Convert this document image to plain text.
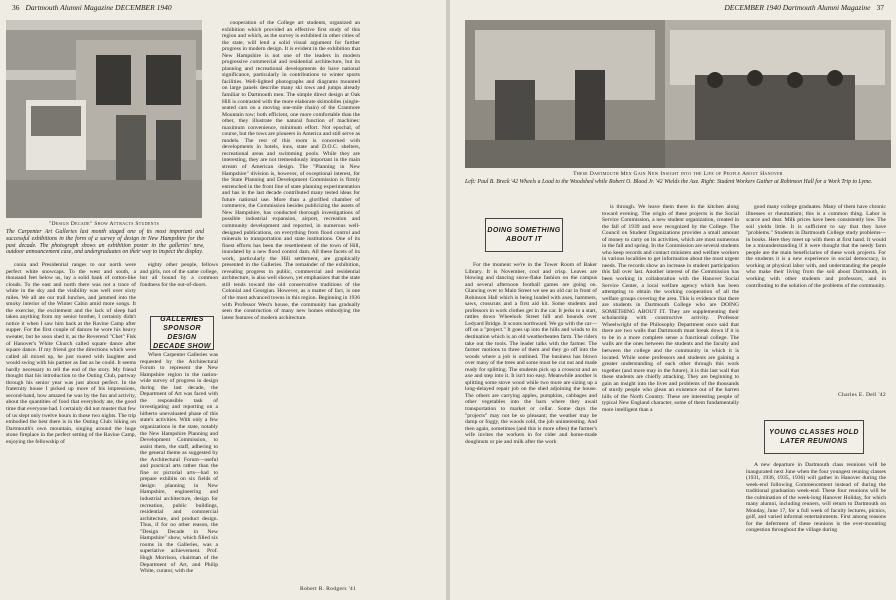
36 Dartmouth Alumni Magazine DECEMBER 1940
"Design Decade" Show Attracts Students
The Carpenter Art Galleries last month staged one of its most important and successful exhibitions in the form of a survey of design in New Hampshire for the past decade. The photograph shows an exhibition poster in the galleries' new, outdoor announcement case, and undergraduates on their way to inspect the display.

conia and Presidential ranges to our north were perfect white snowcaps. To the west and south, a thousand feet below us, lay a solid bank of cotton-like clouds. To the east and north there was not a trace of white in the sky and the visibility was well over sixty miles. We all ate our trail lunches, and jammed into the smoky interior of the Winter Cabin amid more songs. It the exercise, the excitement and the lack of sleep had taken anything from my senior brother, I certainly didn't notice it when I saw him back at the Ravine Camp after supper. For the first couple of dances he wore his heavy sweater, but he soon shed it, as the Reverend "Chet" Fisk of Hanover's White Church called square dance after square dance. If my friend got the directions which were called all mixed up, he just roared with laughter and would swing with his partner as fast as he could. It seems hardly necessary to tell the end of the story. My friend thought that his introduction to the Outing Club, partway through his senior year was just about perfect. In the fraternity house I picked up more of his impressions, second-hand, how amazed he was by the fun and activity, about the quantities of food that everybody ate, the good time that everyone had. I certainly did not muster that few of us slept only twelve hours in those two nights. The trip embodied the best there is in the Outing Club: hiking on Dartmouth's own mountain, singing around the huge stone fireplace in the perfect setting of the Ravine Camp, enjoying the fellowship of

cooperation of the College art students, organized an exhibition which provided an effective first study of this region and which, as the survey is exhibited in other cities of the state, will lend a solid visual argument for further progress in modern design. It is evident in the exhibition that New Hampshire is not one of the leaders in modern progressive commercial and residential architecture, but its planning and recreational developments do have national significance, particularly in contributions to winter sports facilities. Well-lighted photographs and diagrams mounted on large panels describe many ski tows and jumps already familiar to Dartmouth men. The simple direct design at Oak Hill is contrasted with the more elaborate skimobiles (single-seated cars on a moving one-mile chain) of the Cranmore Mountain tow; both efficient, one more comfortable than the other, they illustrate the natural function of machines: maximum convenience, minimum effort. Not epochal, of course, but the tows are pioneers in America and still serve as models. The rest of this room is concerned with developments in hotels, inns, state and D.O.C. shelters, recreational areas and swimming pools. While they are interesting, they are not tremendously important in the main stream of American design. The "Planning in New Hampshire" division is, however, of exceptional interest, for the State Planning and Development Commission is firmly entrenched in the front line of state planning experimentation and has in the last decade contributed many tested ideas for future national use. More than a glorified chamber of commerce, the Commission besides publicizing the assets of New Hampshire, has conducted thorough investigations of possible industrial expansion, airport, recreation and community development and reported, in numerous well-designed publications, on everything from flood control and minerals to transportation and state institutions. One of its finest efforts has been the resettlement of the town of Hill, inundated by a new flood control dam. All these facets of its work, particularly the Hill settlement, are graphically presented in the Galleries. The remainder of the exhibition, revealing progress in public, commercial and residential architecture, is also well shown, yet emphasizes that the state still tends toward the old conservative traditions of the Colonial and Georgian. However, as a matter of fact, is one of the most advanced towns in this region. Beginning in 1936 with Professor West's house, the community has gradually seen the construction of many new homes embodying the latest features of modern architecture.

eighty other people, fellows and girls, not of the same college, but all bound by a common fondness for the out-of-doors.

GALLERIES SPONSOR DESIGN DECADE SHOW

When Carpenter Galleries was requested by the Architectural Forum to represent the New Hampshire region in the nation-wide survey of progress in design during the last decade, the Department of Art was faced with the responsible task of investigating and reporting on a hitherto unevaluated phase of this state's activities. With only a few organizations in the state, notably the New Hampshire Planning and Development Commission, to assist them, the staff, adhering to the general theme as suggested by the Architectural Forum—useful and practical arts rather than the fine or pictorial arts—had to prepare exhibits on six fields of design: planning in New Hampshire, engineering and industrial architecture, design for recreation, public buildings, residential and commercial architecture, and product design. Thus, if for no other reason, the "Design Decade in New Hampshire" show, which filled six rooms in the Galleries, was a superlative achievement. Prof. Hugh Morrison, chairman of the Department of Art, and Philip White, curator, with the

Robert R. Rodgers '41
DECEMBER 1940 Dartmouth Alumni Magazine 37
These Dartmouth Men Gain New Insight into the Life of People About Hanover
Left: Paul B. Breck '42 Wheels a Load to the Woodshed while Robert O. Blood Jr. '42 Wields the Axe. Right: Student Workers Gather at Robinson Hall for a Work Trip to Lyme.
DOING SOMETHING ABOUT IT

For the moment we're in the Tower Room of Baker Library. It is November, cool and crisp. Leaves are blowing and dancing snow-flake fashion on the campus and several afternoon football games are going on. Glancing over to Main Street we see an old car in front of Robinson Hall which is being loaded with axes, hammers, saws, crosscuts and a first aid kit. Some students and professors in work clothes get in the car. It jerks to a start, rattles down Wheelock Street hill and bounds over Ledyard Bridge. It scoots northward. We go with the car—off on a "project." It goes up into the hills and winds to its destination which is an old weatherbeaten farm. The riders take out the tools. The leader talks with the farmer. The farmer motions to three of them and they go off into the woods where a job is outlined. The business has blown over many of the trees and some must be cut out and made ready for splitting. The students pick up a crosscut and an axe and step into it. It isn't too easy. Meanwhile another is splitting some stove wood while two more are sizing up a long-delayed repair job on the shed adjoining the house. The others are carrying apples, pumpkins, cabbages and other vegetables into the barn where they await transportation to market or cellar. Some days the "projects" may not be so pleasant; the weather may be damp or foggy, the woods cold, the job uninteresting. And then again, sometimes (and this is more often) the farmer's wife invites the workers in for cider and home-made doughnuts or pie and milk after the work

is through. We leave them there in the kitchen along toward evening. The origin of these projects is the Social Service Commission, a new student organization, created in the fall of 1939 and now recognized by the College. The Council on Student Organizations provides a small amount of money to carry on its activities, which are most numerous in the fall and spring. In the Commission are several students who keep records and contact ministers and welfare workers in various localities to get information about the most urgent needs. The records show an increase in student participation this fall over last. Another interest of the Commission has been working in collaboration with the Hanover Social Service Center, a local welfare agency which has been attempting to obtain the working cooperation of all the welfare groups covering the area. This is evidence that there are students in Dartmouth College who are DOING SOMETHING ABOUT IT. They are supplementing their scholarship with constructive activity. Professor Wheelwright of the Philosophy Department once said that there are two walls that Dartmouth must break down if it is to be in a more complete sense a functional college. The walls are the ones between the students and the faculty and between the college and the community in which it is located. While some professors and students are gaining a greater understanding of each other through this work together (and more may in the future), it is this last wall that these students are chiefly attacking. They are beginning to gain an insight into the lives and problems of the thousands of sturdy people who glean an existence out of the barren hills of the North Country. These are interesting people of typical New England character, some of them fundamentally more intelligent than a

good many college graduates. Many of them have chronic illnesses or rheumatism; this is a common thing. Labor is scarce and dear. Milk prices have been consistently low. The soil yields little. It is sufficient to say that they have "problems." Students in Dartmouth College study problems—in books. Here they meet up with them at first hand. It would be a misunderstanding if it were thought that the needy farm people are the main beneficiaries of these work projects. For the students it is a new experience in social democracy, in working at physical labor with, and understanding the people who make their living from the soil about Dartmouth, in working with other students and professors, and in contributing to the solution of the problems of the community.

Charles E. Dell '42
YOUNG CLASSES HOLD LATER REUNIONS

A new departure in Dartmouth class reunions will be inaugurated next June when the four youngest reuning classes (1931, 1936, 1935, 1936) will gather in Hanover during the week-end following Commencement instead of during the traditional graduation week-end. These four reunions will be the culmination of the week-long Hanover Holiday, for which many alumni, including reuners, will return to Dartmouth on Monday, June 17, for a full week of faculty lectures, picnics, golf, and varied informal entertainments. First among reasons for the deferment of these reunions is the ever-mounting congestion throughout the village during
